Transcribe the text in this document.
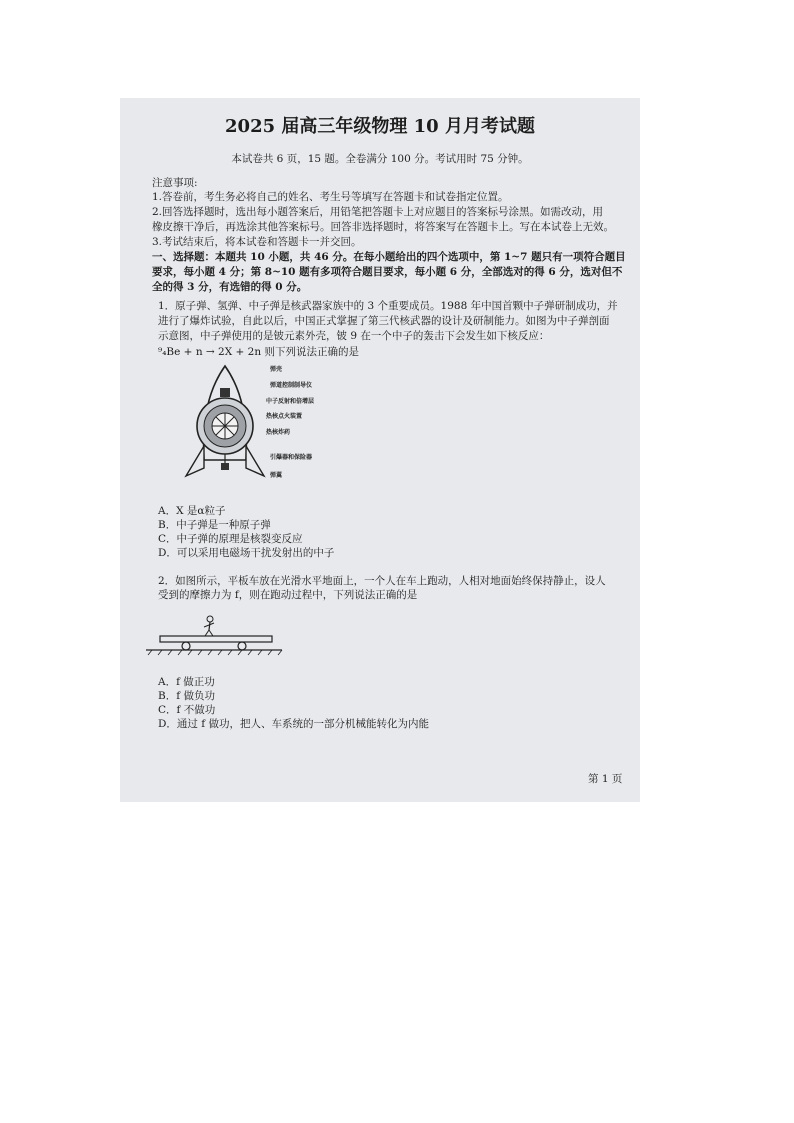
2025 届高三年级物理 10 月月考试题
本试卷共 6 页，15 题。全卷满分 100 分。考试用时 75 分钟。
注意事项:
1.答卷前，考生务必将自己的姓名、考生号等填写在答题卡和试卷指定位置。
2.回答选择题时，选出每小题答案后，用铅笔把答题卡上对应题目的答案标号涂黑。如需改动，用
橡皮擦干净后，再选涂其他答案标号。回答非选择题时，将答案写在答题卡上。写在本试卷上无效。
3.考试结束后，将本试卷和答题卡一并交回。
一、选择题：本题共 10 小题，共 46 分。在每小题给出的四个选项中，第 1~7 题只有一项符合题目
要求，每小题 4 分；第 8~10 题有多项符合题目要求，每小题 6 分，全部选对的得 6 分，选对但不
全的得 3 分，有选错的得 0 分。
1．原子弹、氢弹、中子弹是核武器家族中的 3 个重要成员。1988 年中国首颗中子弹研制成功，并
进行了爆炸试验，自此以后，中国正式掌握了第三代核武器的设计及研制能力。如图为中子弹剖面
示意图，中子弹使用的是铍元素外壳，铍 9 在一个中子的轰击下会发生如下核反应：
⁹₄Be + n → 2X + 2n 则下列说法正确的是
弹壳
弹道控制制导仪
中子反射和倍增层
热核点火装置
热核炸药
引爆器和保险器
弹翼
A．X 是α粒子
B．中子弹是一种原子弹
C．中子弹的原理是核裂变反应
D．可以采用电磁场干扰发射出的中子
2．如图所示，平板车放在光滑水平地面上，一个人在车上跑动，人相对地面始终保持静止，设人
受到的摩擦力为 f，则在跑动过程中，下列说法正确的是
A．f 做正功
B．f 做负功
C．f 不做功
D．通过 f 做功，把人、车系统的一部分机械能转化为内能
第 1 页
